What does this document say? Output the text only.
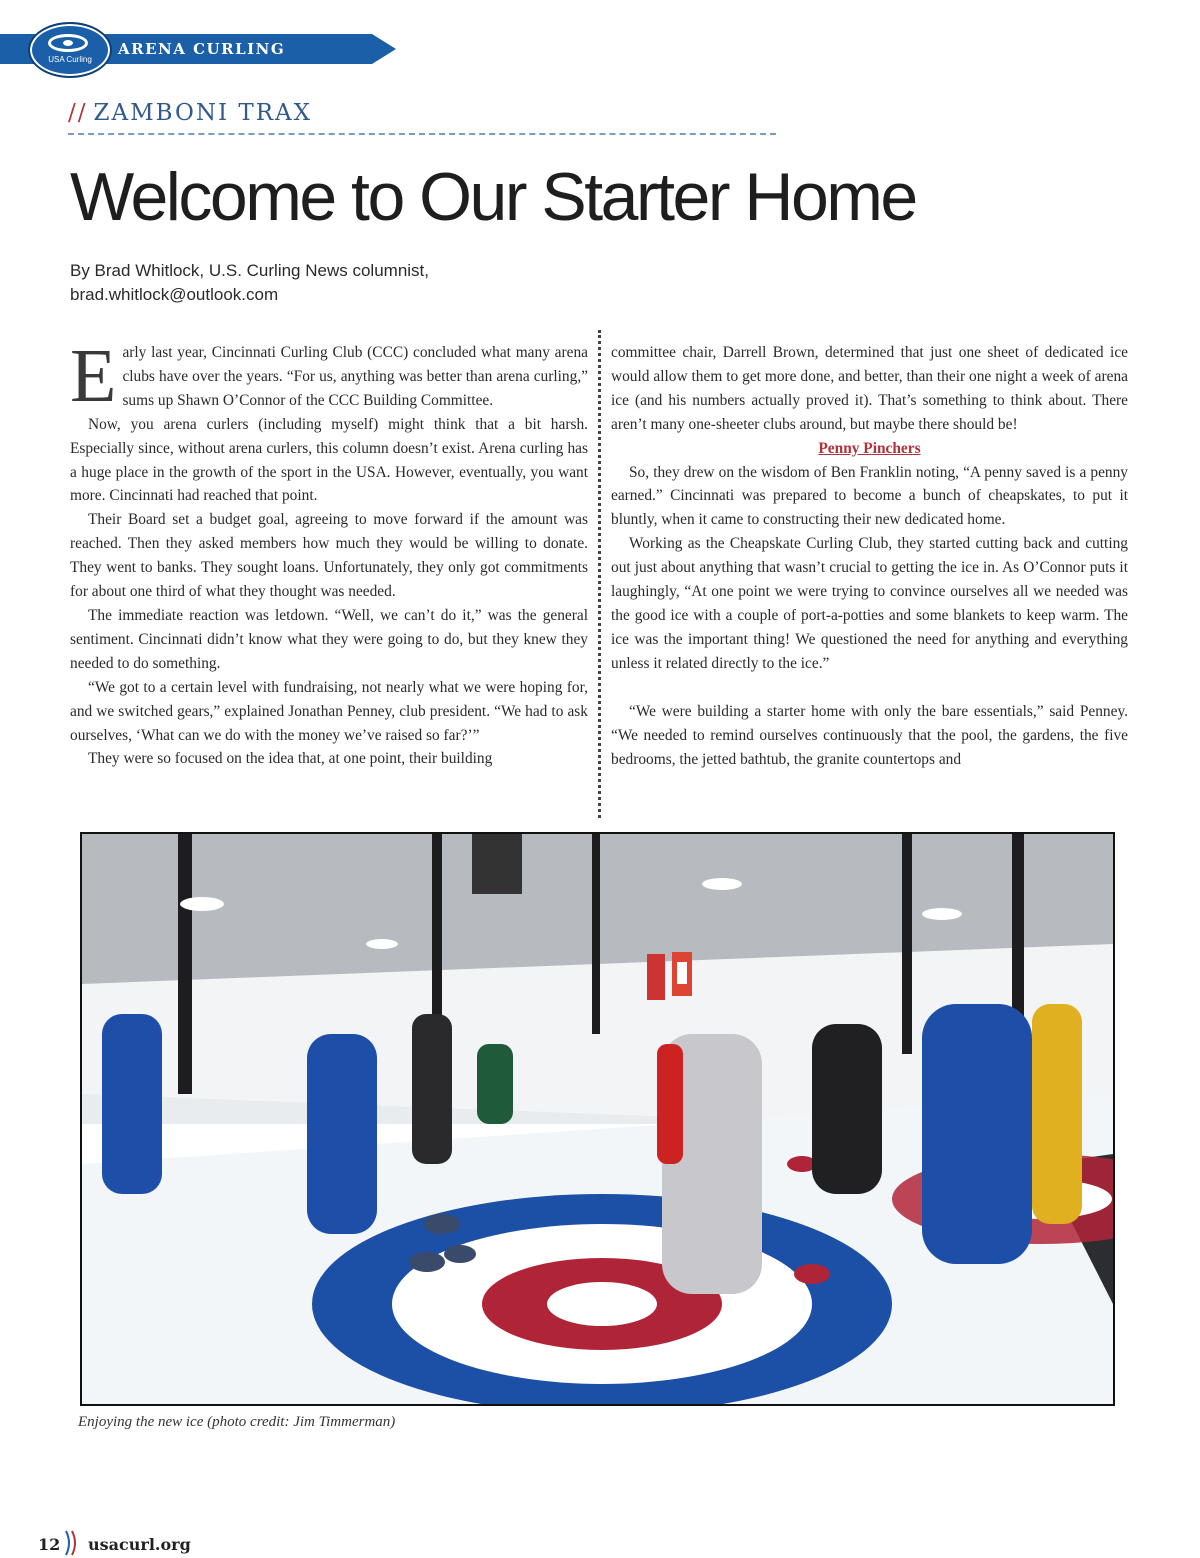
ARENA CURLING
USA Curling
// ZAMBONI TRAX
Welcome to Our Starter Home
By Brad Whitlock, U.S. Curling News columnist,
brad.whitlock@outlook.com

Early last year, Cincinnati Curling Club (CCC) concluded what many arena clubs have over the years. “For us, anything was better than arena curling,” sums up Shawn O’Connor of the CCC Building Committee.

Now, you arena curlers (including myself) might think that a bit harsh. Especially since, without arena curlers, this column doesn’t exist. Arena curling has a huge place in the growth of the sport in the USA. However, eventually, you want more. Cincinnati had reached that point.

Their Board set a budget goal, agreeing to move forward if the amount was reached. Then they asked members how much they would be willing to donate. They went to banks. They sought loans. Unfortunately, they only got commitments for about one third of what they thought was needed.

The immediate reaction was letdown. “Well, we can’t do it,” was the general sentiment. Cincinnati didn’t know what they were going to do, but they knew they needed to do something.

“We got to a certain level with fundraising, not nearly what we were hoping for, and we switched gears,” explained Jonathan Penney, club president. “We had to ask ourselves, ‘What can we do with the money we’ve raised so far?’”

They were so focused on the idea that, at one point, their building

committee chair, Darrell Brown, determined that just one sheet of dedicated ice would allow them to get more done, and better, than their one night a week of arena ice (and his numbers actually proved it). That’s something to think about. There aren’t many one-sheeter clubs around, but maybe there should be!

Penny Pinchers

So, they drew on the wisdom of Ben Franklin noting, “A penny saved is a penny earned.” Cincinnati was prepared to become a bunch of cheapskates, to put it bluntly, when it came to constructing their new dedicated home.

Working as the Cheapskate Curling Club, they started cutting back and cutting out just about anything that wasn’t crucial to getting the ice in. As O’Connor puts it laughingly, “At one point we were trying to convince ourselves all we needed was the good ice with a couple of port-a-potties and some blankets to keep warm. The ice was the important thing! We questioned the need for anything and everything unless it related directly to the ice.”

“We were building a starter home with only the bare essentials,” said Penney. “We needed to remind ourselves continuously that the pool, the gardens, the five bedrooms, the jetted bathtub, the granite countertops and

Enjoying the new ice (photo credit: Jim Timmerman)
12 usacurl.org
